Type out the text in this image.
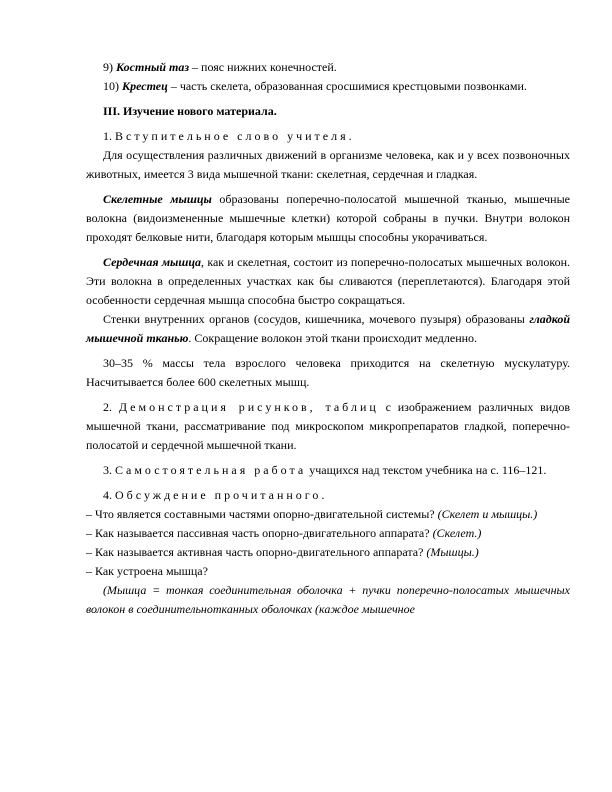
9) Костный таз – пояс нижних конечностей.

10) Крестец – часть скелета, образованная сросшимися крестцовыми позвонками.

III. Изучение нового материала.

1. Вступительное слово учителя.

Для осуществления различных движений в организме человека, как и у всех позвоночных животных, имеется 3 вида мышечной ткани: скелетная, сердечная и гладкая.

Скелетные мышцы образованы поперечно-полосатой мышечной тканью, мышечные волокна (видоизмененные мышечные клетки) которой собраны в пучки. Внутри волокон проходят белковые нити, благодаря которым мышцы способны укорачиваться.

Сердечная мышца, как и скелетная, состоит из поперечно-полосатых мышечных волокон. Эти волокна в определенных участках как бы сливаются (переплетаются). Благодаря этой особенности сердечная мышца способна быстро сокращаться.

Стенки внутренних органов (сосудов, кишечника, мочевого пузыря) образованы гладкой мышечной тканью. Сокращение волокон этой ткани происходит медленно.

30–35 % массы тела взрослого человека приходится на скелетную мускулатуру. Насчитывается более 600 скелетных мышц.

2. Демонстрация рисунков, таблиц с изображением различных видов мышечной ткани, рассматривание под микроскопом микропрепаратов гладкой, поперечно-полосатой и сердечной мышечной ткани.

3. Самостоятельная работа учащихся над текстом учебника на с. 116–121.

4. Обсуждение прочитанного.

– Что является составными частями опорно-двигательной системы? (Скелет и мышцы.)

– Как называется пассивная часть опорно-двигательного аппарата? (Скелет.)

– Как называется активная часть опорно-двигательного аппарата? (Мышцы.)

– Как устроена мышца?

(Мышца = тонкая соединительная оболочка + пучки поперечно-полосатых мышечных волокон в соединительнотканных оболочках (каждое мышечное
